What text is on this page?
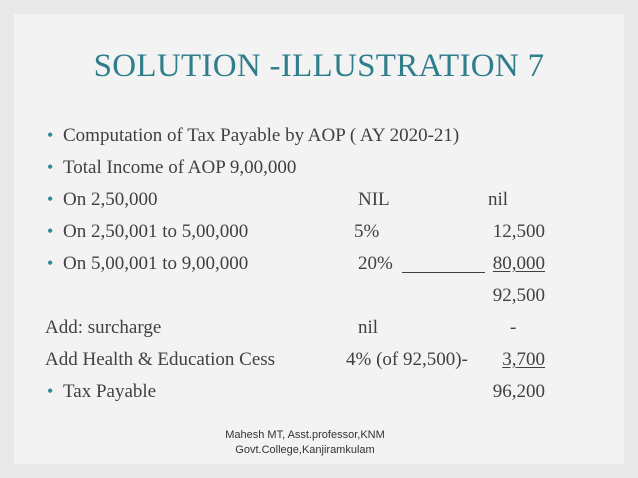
SOLUTION -ILLUSTRATION 7
• Computation of Tax Payable by AOP ( AY 2020-21)
• Total Income of AOP 9,00,000
• On 2,50,000	NIL	nil
• On 2,50,001 to 5,00,000	5%	12,500
• On 5,00,001 to 9,00,000	20%	80,000
92,500
Add: surcharge	nil	-
Add Health & Education Cess	4% (of 92,500)- 3,700
• Tax Payable	96,200
Mahesh MT, Asst.professor,KNM
Govt.College,Kanjiramkulam
